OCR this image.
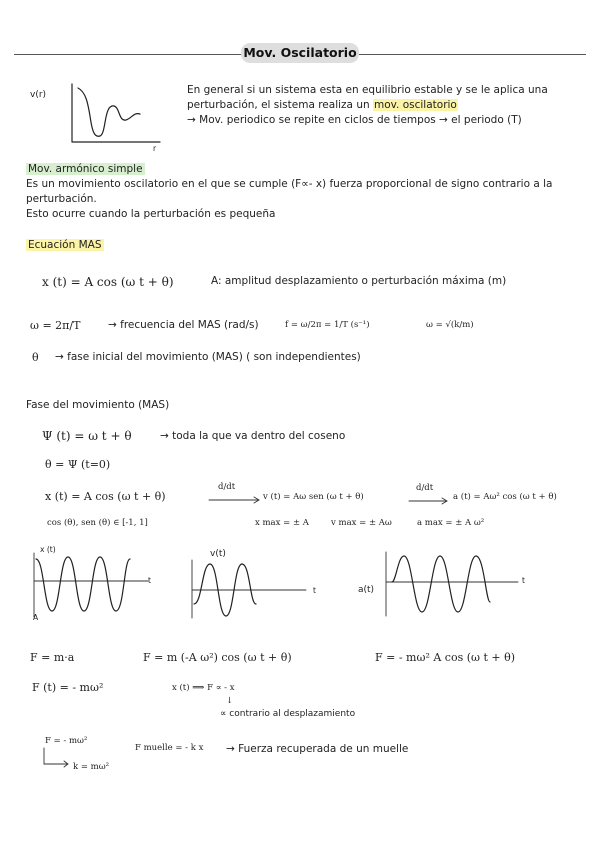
Mov. Oscilatorio
v(r)
r
En general si un sistema esta en equilibrio estable y se le aplica una
perturbación, el sistema realiza un mov. oscilatorio
→ Mov. periodico se repite en ciclos de tiempos → el periodo (T)
Mov. armónico simple
Es un movimiento oscilatorio en el que se cumple (F∝- x) fuerza proporcional de signo contrario a la
perturbación.
Esto ocurre cuando la perturbación es pequeña
Ecuación MAS
x (t) = A cos (ω t + θ)	A: amplitud desplazamiento o perturbación máxima (m)
ω = 2π/T	→ frecuencia del MAS (rad/s)	f = ω/2π = 1/T (s⁻¹)	ω = √(k/m)
θ → fase inicial del movimiento (MAS) ( son independientes)
Fase del movimiento (MAS)
Ψ (t) = ω t + θ	→ toda la que va dentro del coseno
θ = Ψ (t=0)
x (t) = A cos (ω t + θ)
d/dt
v (t) = Aω sen (ω t + θ)
d/dt
a (t) = Aω² cos (ω t + θ)
cos (θ), sen (θ) ∈ [-1, 1]	x max = ± A	v max = ± Aω	a max = ± A ω²
x (t)
t
A
v(t)
t	a(t)
t
F = m·a	F = m (-A ω²) cos (ω t + θ)	F = - mω² A cos (ω t + θ)
F (t) = - mω²	x (t) ⟹ F ∝ - x
↓
∝ contrario al desplazamiento
F = - mω²
k = mω²
F muelle = - k x → Fuerza recuperada de un muelle
